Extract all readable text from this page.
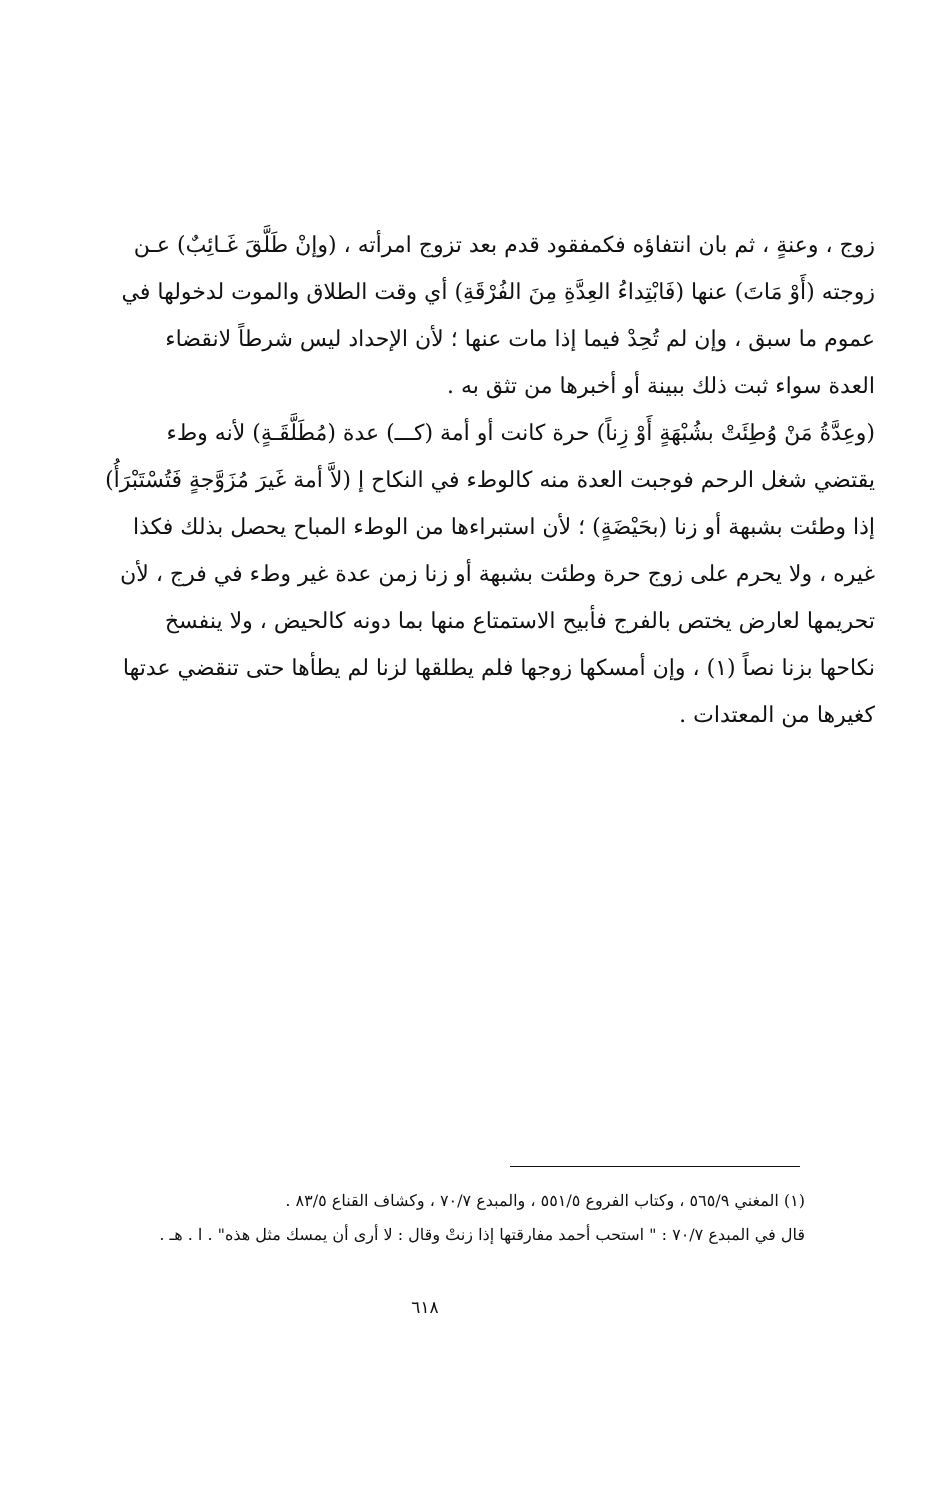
زوج ، وعنةٍ ، ثم بان انتفاؤه فكمفقود قدم بعد تزوج امرأته ، (وإنْ طَلَّقَ غَـائِبٌ) عـن
زوجته (أَوْ مَاتَ) عنها (فَابْتِداءُ العِدَّةِ مِنَ الفُرْقَةِ) أي وقت الطلاق والموت لدخولها في
عموم ما سبق ، وإن لم تُحِدْ فيما إذا مات عنها ؛ لأن الإحداد ليس شرطاً لانقضاء
العدة سواء ثبت ذلك ببينة أو أخبرها من تثق به .
(وعِدَّةُ مَنْ وُطِئَتْ بشُبْهَةٍ أَوْ زِناً) حرة كانت أو أمة (كـــ) عدة (مُطَلَّقَـةٍ) لأنه وطء
يقتضي شغل الرحم فوجبت العدة منه كالوطء في النكاح إ (لاَّ أمة غَيرَ مُزَوَّجةٍ فَتُسْتَبْرَأُ)
إذا وطئت بشبهة أو زنا (بحَيْضَةٍ) ؛ لأن استبراءها من الوطء المباح يحصل بذلك فكذا
غيره ، ولا يحرم على زوج حرة وطئت بشبهة أو زنا زمن عدة غير وطء في فرج ، لأن
تحريمها لعارض يختص بالفرج فأبيح الاستمتاع منها بما دونه كالحيض ، ولا ينفسخ
نكاحها بزنا نصاً (١) ، وإن أمسكها زوجها فلم يطلقها لزنا لم يطأها حتى تنقضي عدتها
كغيرها من المعتدات .
(١) المغني ٥٦٥/٩ ، وكتاب الفروع ٥٥١/٥ ، والمبدع ٧٠/٧ ، وكشاف القناع ٨٣/٥ .
قال في المبدع ٧٠/٧ : " استحب أحمد مفارقتها إذا زنتْ وقال : لا أرى أن يمسك مثل هذه" . ا . هـ .
٦١٨
